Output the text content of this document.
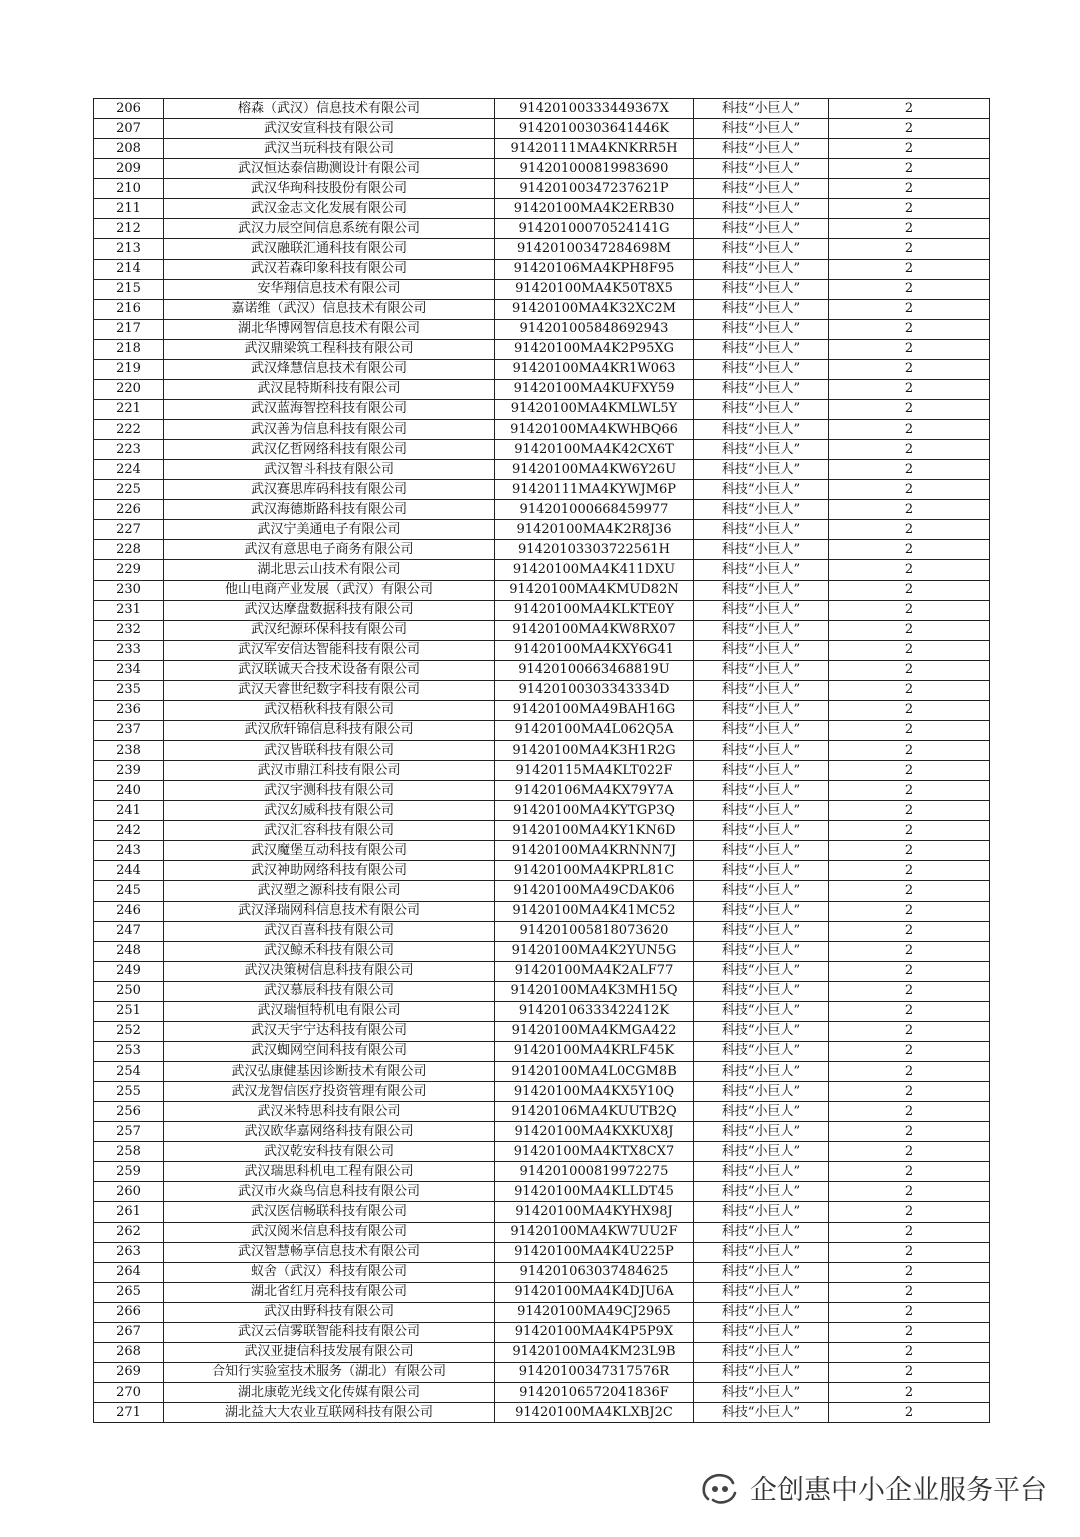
206	榕森（武汉）信息技术有限公司	91420100333449367X	科技“小巨人”	2
207	武汉安宣科技有限公司	91420100303641446K	科技“小巨人”	2
208	武汉当玩科技有限公司	91420111MA4KNKRR5H	科技“小巨人”	2
209	武汉恒达泰信勘测设计有限公司	914201000819983690	科技“小巨人”	2
210	武汉华珣科技股份有限公司	91420100347237621P	科技“小巨人”	2
211	武汉金志文化发展有限公司	91420100MA4K2ERB30	科技“小巨人”	2
212	武汉力辰空间信息系统有限公司	91420100070524141G	科技“小巨人”	2
213	武汉融联汇通科技有限公司	91420100347284698M	科技“小巨人”	2
214	武汉若森印象科技有限公司	91420106MA4KPH8F95	科技“小巨人”	2
215	安华翔信息技术有限公司	91420100MA4K50T8X5	科技“小巨人”	2
216	嘉诺维（武汉）信息技术有限公司	91420100MA4K32XC2M	科技“小巨人”	2
217	湖北华博网智信息技术有限公司	914201005848692943	科技“小巨人”	2
218	武汉鼎梁筑工程科技有限公司	91420100MA4K2P95XG	科技“小巨人”	2
219	武汉烽慧信息技术有限公司	91420100MA4KR1W063	科技“小巨人”	2
220	武汉昆特斯科技有限公司	91420100MA4KUFXY59	科技“小巨人”	2
221	武汉蓝海智控科技有限公司	91420100MA4KMLWL5Y	科技“小巨人”	2
222	武汉善为信息科技有限公司	91420100MA4KWHBQ66	科技“小巨人”	2
223	武汉亿哲网络科技有限公司	91420100MA4K42CX6T	科技“小巨人”	2
224	武汉智斗科技有限公司	91420100MA4KW6Y26U	科技“小巨人”	2
225	武汉赛思库码科技有限公司	91420111MA4KYWJM6P	科技“小巨人”	2
226	武汉海德斯路科技有限公司	914201000668459977	科技“小巨人”	2
227	武汉宁美通电子有限公司	91420100MA4K2R8J36	科技“小巨人”	2
228	武汉有意思电子商务有限公司	91420103303722561H	科技“小巨人”	2
229	湖北思云山技术有限公司	91420100MA4K411DXU	科技“小巨人”	2
230	他山电商产业发展（武汉）有限公司	91420100MA4KMUD82N	科技“小巨人”	2
231	武汉达摩盘数据科技有限公司	91420100MA4KLKTE0Y	科技“小巨人”	2
232	武汉纪源环保科技有限公司	91420100MA4KW8RX07	科技“小巨人”	2
233	武汉军安信达智能科技有限公司	91420100MA4KXY6G41	科技“小巨人”	2
234	武汉联诚天合技术设备有限公司	91420100663468819U	科技“小巨人”	2
235	武汉天睿世纪数字科技有限公司	91420100303343334D	科技“小巨人”	2
236	武汉梧秋科技有限公司	91420100MA49BAH16G	科技“小巨人”	2
237	武汉欣轩锦信息科技有限公司	91420100MA4L062Q5A	科技“小巨人”	2
238	武汉皆联科技有限公司	91420100MA4K3H1R2G	科技“小巨人”	2
239	武汉市鼎江科技有限公司	91420115MA4KLT022F	科技“小巨人”	2
240	武汉宇测科技有限公司	91420106MA4KX79Y7A	科技“小巨人”	2
241	武汉幻威科技有限公司	91420100MA4KYTGP3Q	科技“小巨人”	2
242	武汉汇容科技有限公司	91420100MA4KY1KN6D	科技“小巨人”	2
243	武汉魔堡互动科技有限公司	91420100MA4KRNNN7J	科技“小巨人”	2
244	武汉神助网络科技有限公司	91420100MA4KPRL81C	科技“小巨人”	2
245	武汉塑之源科技有限公司	91420100MA49CDAK06	科技“小巨人”	2
246	武汉泽瑞网科信息技术有限公司	91420100MA4K41MC52	科技“小巨人”	2
247	武汉百喜科技有限公司	914201005818073620	科技“小巨人”	2
248	武汉鲸禾科技有限公司	91420100MA4K2YUN5G	科技“小巨人”	2
249	武汉决策树信息科技有限公司	91420100MA4K2ALF77	科技“小巨人”	2
250	武汉慕辰科技有限公司	91420100MA4K3MH15Q	科技“小巨人”	2
251	武汉瑞恒特机电有限公司	91420106333422412K	科技“小巨人”	2
252	武汉天宇宁达科技有限公司	91420100MA4KMGA422	科技“小巨人”	2
253	武汉蜘网空间科技有限公司	91420100MA4KRLF45K	科技“小巨人”	2
254	武汉弘康健基因诊断技术有限公司	91420100MA4L0CGM8B	科技“小巨人”	2
255	武汉龙智信医疗投资管理有限公司	91420100MA4KX5Y10Q	科技“小巨人”	2
256	武汉米特思科技有限公司	91420106MA4KUUTB2Q	科技“小巨人”	2
257	武汉欧华嘉网络科技有限公司	91420100MA4KXKUX8J	科技“小巨人”	2
258	武汉乾安科技有限公司	91420100MA4KTX8CX7	科技“小巨人”	2
259	武汉瑞思科机电工程有限公司	914201000819972275	科技“小巨人”	2
260	武汉市火焱鸟信息科技有限公司	91420100MA4KLLDT45	科技“小巨人”	2
261	武汉医信畅联科技有限公司	91420100MA4KYHX98J	科技“小巨人”	2
262	武汉阅米信息科技有限公司	91420100MA4KW7UU2F	科技“小巨人”	2
263	武汉智慧畅享信息技术有限公司	91420100MA4K4U225P	科技“小巨人”	2
264	蚁舍（武汉）科技有限公司	914201063037484625	科技“小巨人”	2
265	湖北省红月亮科技有限公司	91420100MA4K4DJU6A	科技“小巨人”	2
266	武汉由野科技有限公司	91420100MA49CJ2965	科技“小巨人”	2
267	武汉云信雾联智能科技有限公司	91420100MA4K4P5P9X	科技“小巨人”	2
268	武汉亚捷信科技发展有限公司	91420100MA4KM23L9B	科技“小巨人”	2
269	合知行实验室技术服务（湖北）有限公司	91420100347317576R	科技“小巨人”	2
270	湖北康乾光线文化传媒有限公司	91420106572041836F	科技“小巨人”	2
271	湖北益大大农业互联网科技有限公司	91420100MA4KLXBJ2C	科技“小巨人”	2
企创惠中小企业服务平台
